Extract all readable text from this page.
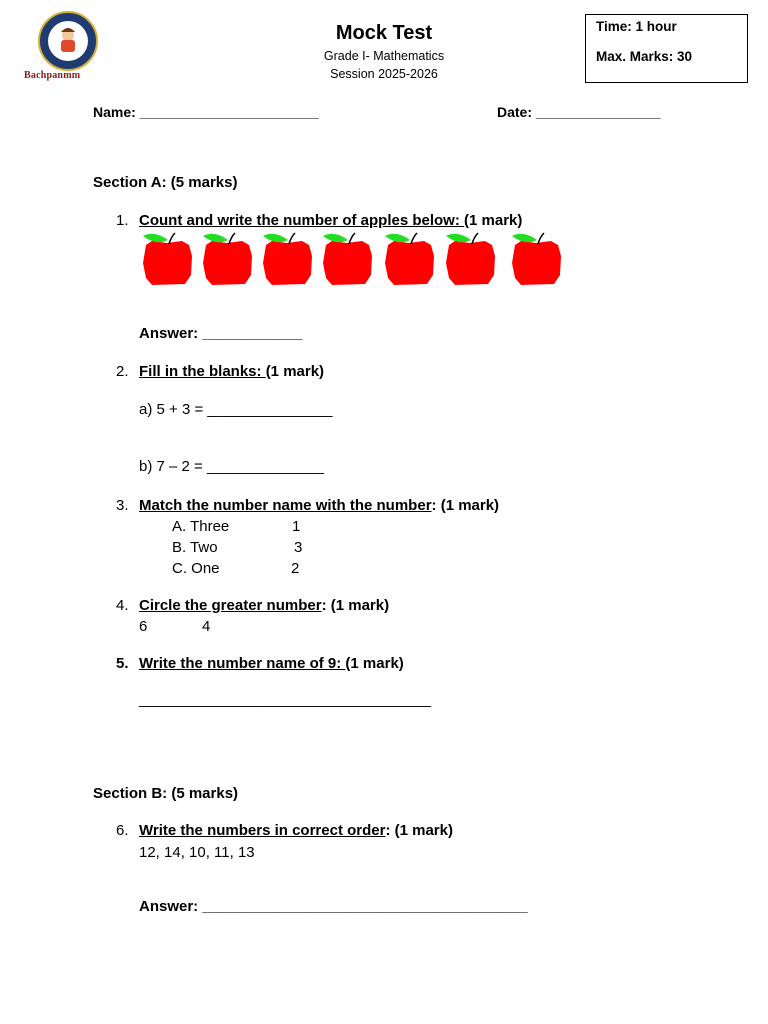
Bachpanmm
Mock Test
Grade I- Mathematics
Session 2025-2026
Time: 1 hour
Max. Marks: 30
Name: _______________________	Date: ________________
Section A: (5 marks)
1. Count and write the number of apples below: (1 mark)
Answer: ____________
2. Fill in the blanks: (1 mark)
a) 5 + 3 = _______________
b) 7 – 2 = ______________
3. Match the number name with the number: (1 mark)
A. Three	1
B. Two	3
C. One	2
4. Circle the greater number: (1 mark)
6	4
5. Write the number name of 9: (1 mark)
___________________________________
Section B: (5 marks)
6. Write the numbers in correct order: (1 mark)
12, 14, 10, 11, 13
Answer: _______________________________________
